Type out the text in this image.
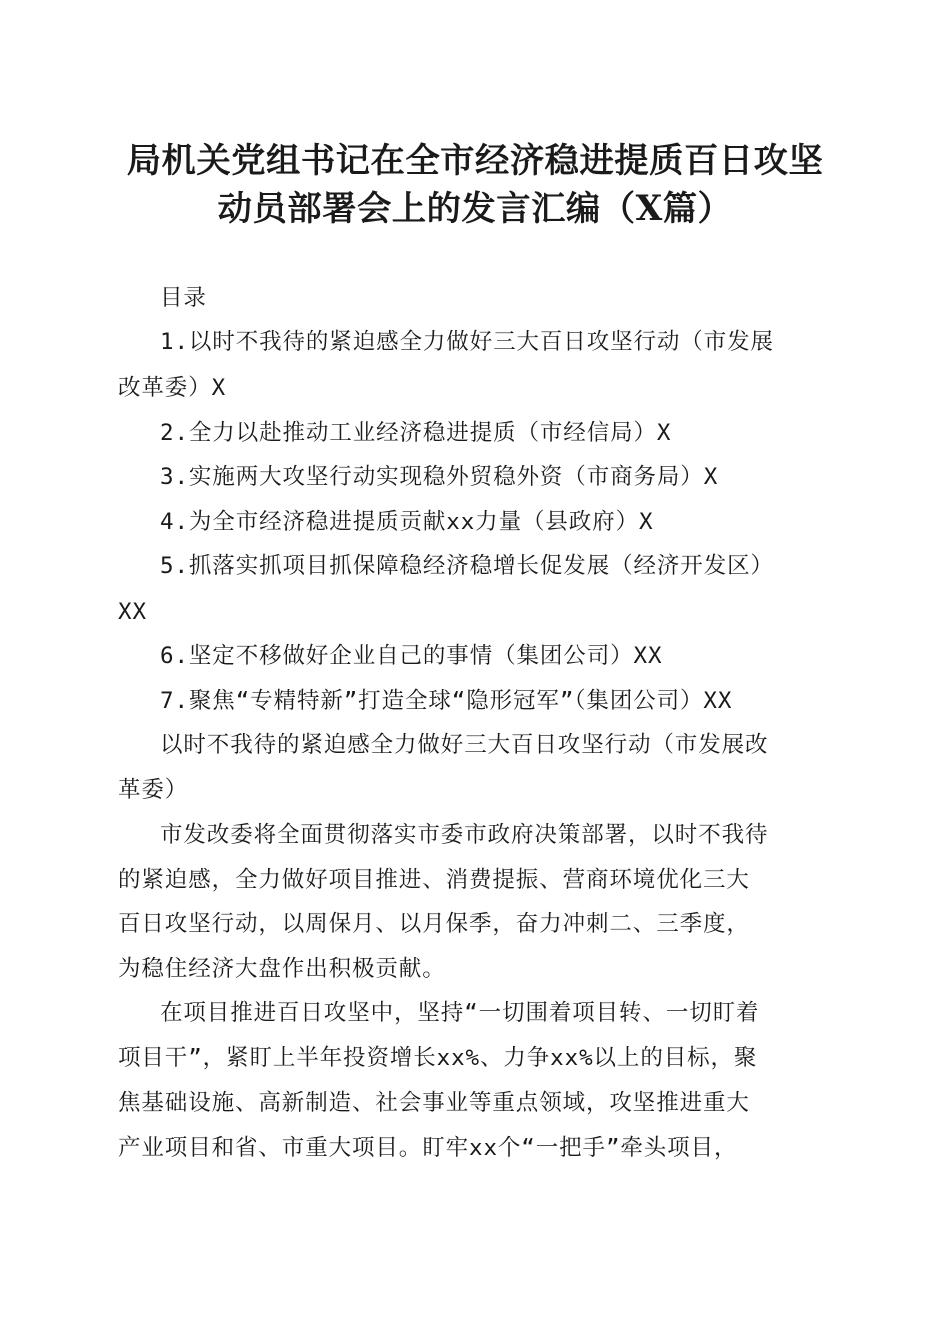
局机关党组书记在全市经济稳进提质百日攻坚
动员部署会上的发言汇编（X篇）

目录

1.以时不我待的紧迫感全力做好三大百日攻坚行动（市发展

改革委）X

2.全力以赴推动工业经济稳进提质（市经信局）X

3.实施两大攻坚行动实现稳外贸稳外资（市商务局）X

4.为全市经济稳进提质贡献xx力量（县政府）X

5.抓落实抓项目抓保障稳经济稳增长促发展（经济开发区）

XX

6.坚定不移做好企业自己的事情（集团公司）XX

7.聚焦“专精特新”打造全球“隐形冠军”（集团公司）XX

以时不我待的紧迫感全力做好三大百日攻坚行动（市发展改

革委）

市发改委将全面贯彻落实市委市政府决策部署，以时不我待

的紧迫感，全力做好项目推进、消费提振、营商环境优化三大

百日攻坚行动，以周保月、以月保季，奋力冲刺二、三季度，

为稳住经济大盘作出积极贡献。

在项目推进百日攻坚中，坚持“一切围着项目转、一切盯着

项目干”，紧盯上半年投资增长xx%、力争xx%以上的目标，聚

焦基础设施、高新制造、社会事业等重点领域，攻坚推进重大

产业项目和省、市重大项目。盯牢xx个“一把手”牵头项目，
